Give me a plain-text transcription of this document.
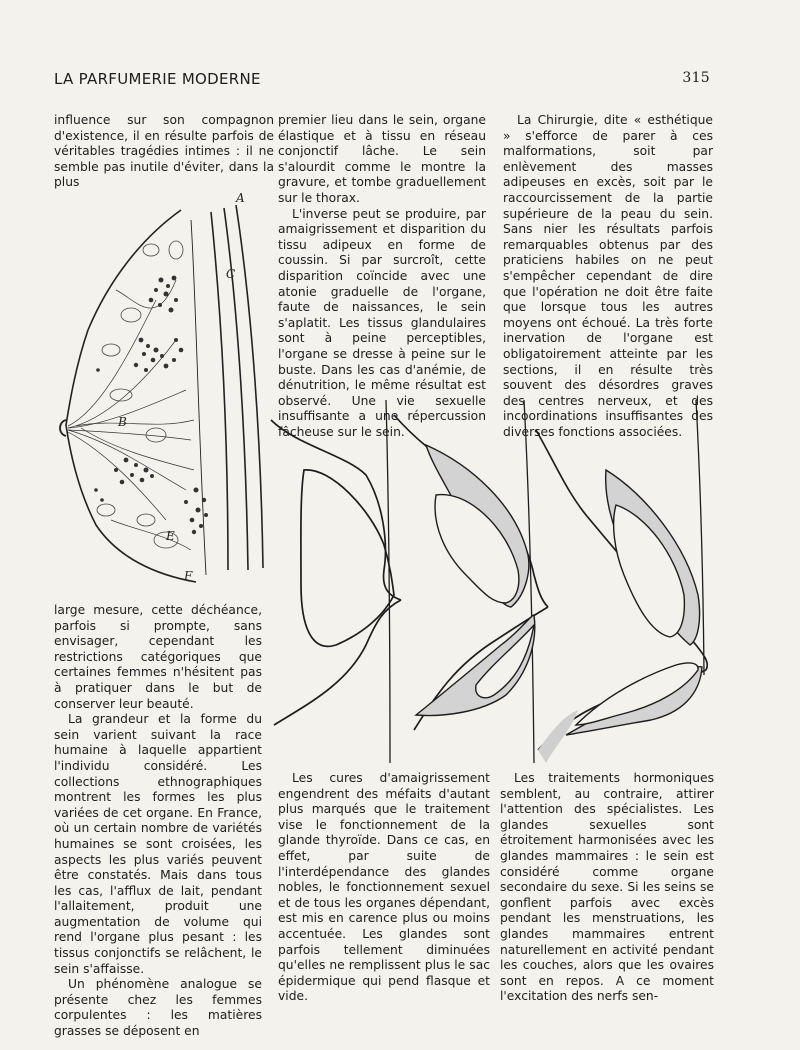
LA PARFUMERIE MODERNE	315

influence sur son compagnon d'existence, il en résulte parfois de véritables tragédies intimes : il ne semble pas inutile d'éviter, dans la plus

A
C
B
E
F

large mesure, cette déchéance, parfois si prompte, sans envisager, cependant les restrictions catégoriques que certaines femmes n'hésitent pas à pratiquer dans le but de conserver leur beauté.

La grandeur et la forme du sein varient suivant la race humaine à laquelle appartient l'individu considéré. Les collections ethnographiques montrent les formes les plus variées de cet organe. En France, où un certain nombre de variétés humaines se sont croisées, les aspects les plus variés peuvent être constatés. Mais dans tous les cas, l'afflux de lait, pendant l'allaitement, produit une augmentation de volume qui rend l'organe plus pesant : les tissus conjonctifs se relâchent, le sein s'affaisse.

Un phénomène analogue se présente chez les femmes corpulentes : les matières grasses se déposent en

premier lieu dans le sein, organe élastique et à tissu en réseau conjonctif lâche. Le sein s'alourdit comme le montre la gravure, et tombe graduellement sur le thorax.

L'inverse peut se produire, par amaigrissement et disparition du tissu adipeux en forme de coussin. Si par surcroît, cette disparition coïncide avec une atonie graduelle de l'organe, faute de naissances, le sein s'aplatit. Les tissus glandulaires sont à peine perceptibles, l'organe se dresse à peine sur le buste. Dans les cas d'anémie, de dénutrition, le même résultat est observé. Une vie sexuelle insuffisante a une répercussion fâcheuse sur le sein.

La Chirurgie, dite « esthétique » s'efforce de parer à ces malformations, soit par enlèvement des masses adipeuses en excès, soit par le raccourcissement de la partie supérieure de la peau du sein. Sans nier les résultats parfois remarquables obtenus par des praticiens habiles on ne peut s'empêcher cependant de dire que l'opération ne doit être faite que lorsque tous les autres moyens ont échoué. La très forte inervation de l'organe est obligatoirement atteinte par les sections, il en résulte très souvent des désordres graves des centres nerveux, et des incoordinations insuffisantes des diverses fonctions associées.

Les cures d'amaigrissement engendrent des méfaits d'autant plus marqués que le traitement vise le fonctionnement de la glande thyroïde. Dans ce cas, en effet, par suite de l'interdépendance des glandes nobles, le fonctionnement sexuel et de tous les organes dépendant, est mis en carence plus ou moins accentuée. Les glandes sont parfois tellement diminuées qu'elles ne remplissent plus le sac épidermique qui pend flasque et vide.

Les traitements hormoniques semblent, au contraire, attirer l'attention des spécialistes. Les glandes sexuelles sont étroitement harmonisées avec les glandes mammaires : le sein est considéré comme organe secondaire du sexe. Si les seins se gonflent parfois avec excès pendant les menstruations, les glandes mammaires entrent naturellement en activité pendant les couches, alors que les ovaires sont en repos. A ce moment l'excitation des nerfs sen-
